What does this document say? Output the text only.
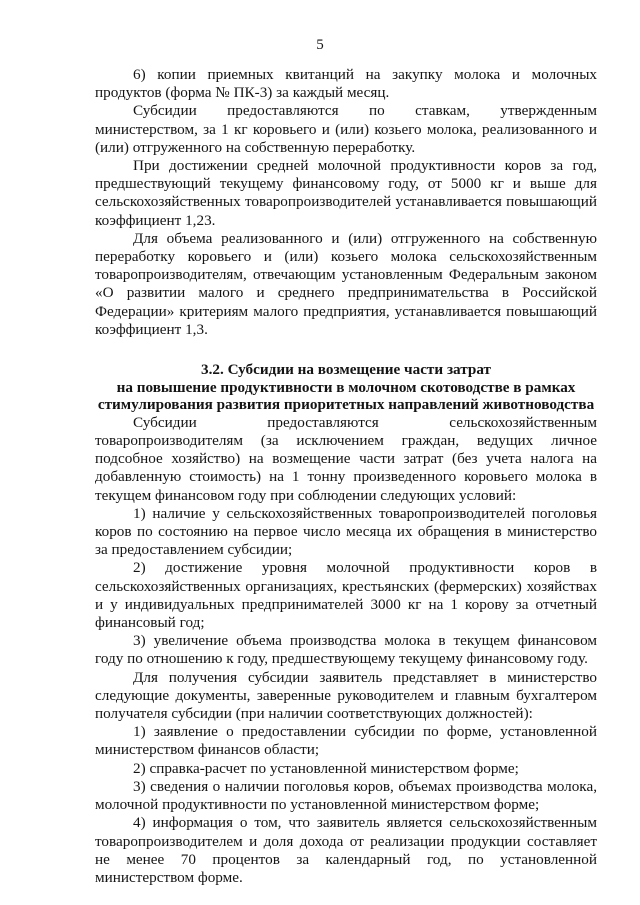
5

6) копии приемных квитанций на закупку молока и молочных продуктов (форма № ПК-3) за каждый месяц.

Субсидии предоставляются по ставкам, утвержденным министерством, за 1 кг коровьего и (или) козьего молока, реализованного и (или) отгруженного на собственную переработку.

При достижении средней молочной продуктивности коров за год, предшествующий текущему финансовому году, от 5000 кг и выше для сельскохозяйственных товаропроизводителей устанавливается повышающий коэффициент 1,23.

Для объема реализованного и (или) отгруженного на собственную переработку коровьего и (или) козьего молока сельскохозяйственным товаропроизводителям, отвечающим установленным Федеральным законом «О развитии малого и среднего предпринимательства в Российской Федерации» критериям малого предприятия, устанавливается повышающий коэффициент 1,3.

3.2. Субсидии на возмещение части затрат
на повышение продуктивности в молочном скотоводстве в рамках
стимулирования развития приоритетных направлений животноводства

Субсидии предоставляются сельскохозяйственным товаропроизводителям (за исключением граждан, ведущих личное подсобное хозяйство) на возмещение части затрат (без учета налога на добавленную стоимость) на 1 тонну произведенного коровьего молока в текущем финансовом году при соблюдении следующих условий:

1) наличие у сельскохозяйственных товаропроизводителей поголовья коров по состоянию на первое число месяца их обращения в министерство за предоставлением субсидии;

2) достижение уровня молочной продуктивности коров в сельскохозяйственных организациях, крестьянских (фермерских) хозяйствах и у индивидуальных предпринимателей 3000 кг на 1 корову за отчетный финансовый год;

3) увеличение объема производства молока в текущем финансовом году по отношению к году, предшествующему текущему финансовому году.

Для получения субсидии заявитель представляет в министерство следующие документы, заверенные руководителем и главным бухгалтером получателя субсидии (при наличии соответствующих должностей):

1) заявление о предоставлении субсидии по форме, установленной министерством финансов области;

2) справка-расчет по установленной министерством форме;

3) сведения о наличии поголовья коров, объемах производства молока, молочной продуктивности по установленной министерством форме;

4) информация о том, что заявитель является сельскохозяйственным товаропроизводителем и доля дохода от реализации продукции составляет не менее 70 процентов за календарный год, по установленной министерством форме.
